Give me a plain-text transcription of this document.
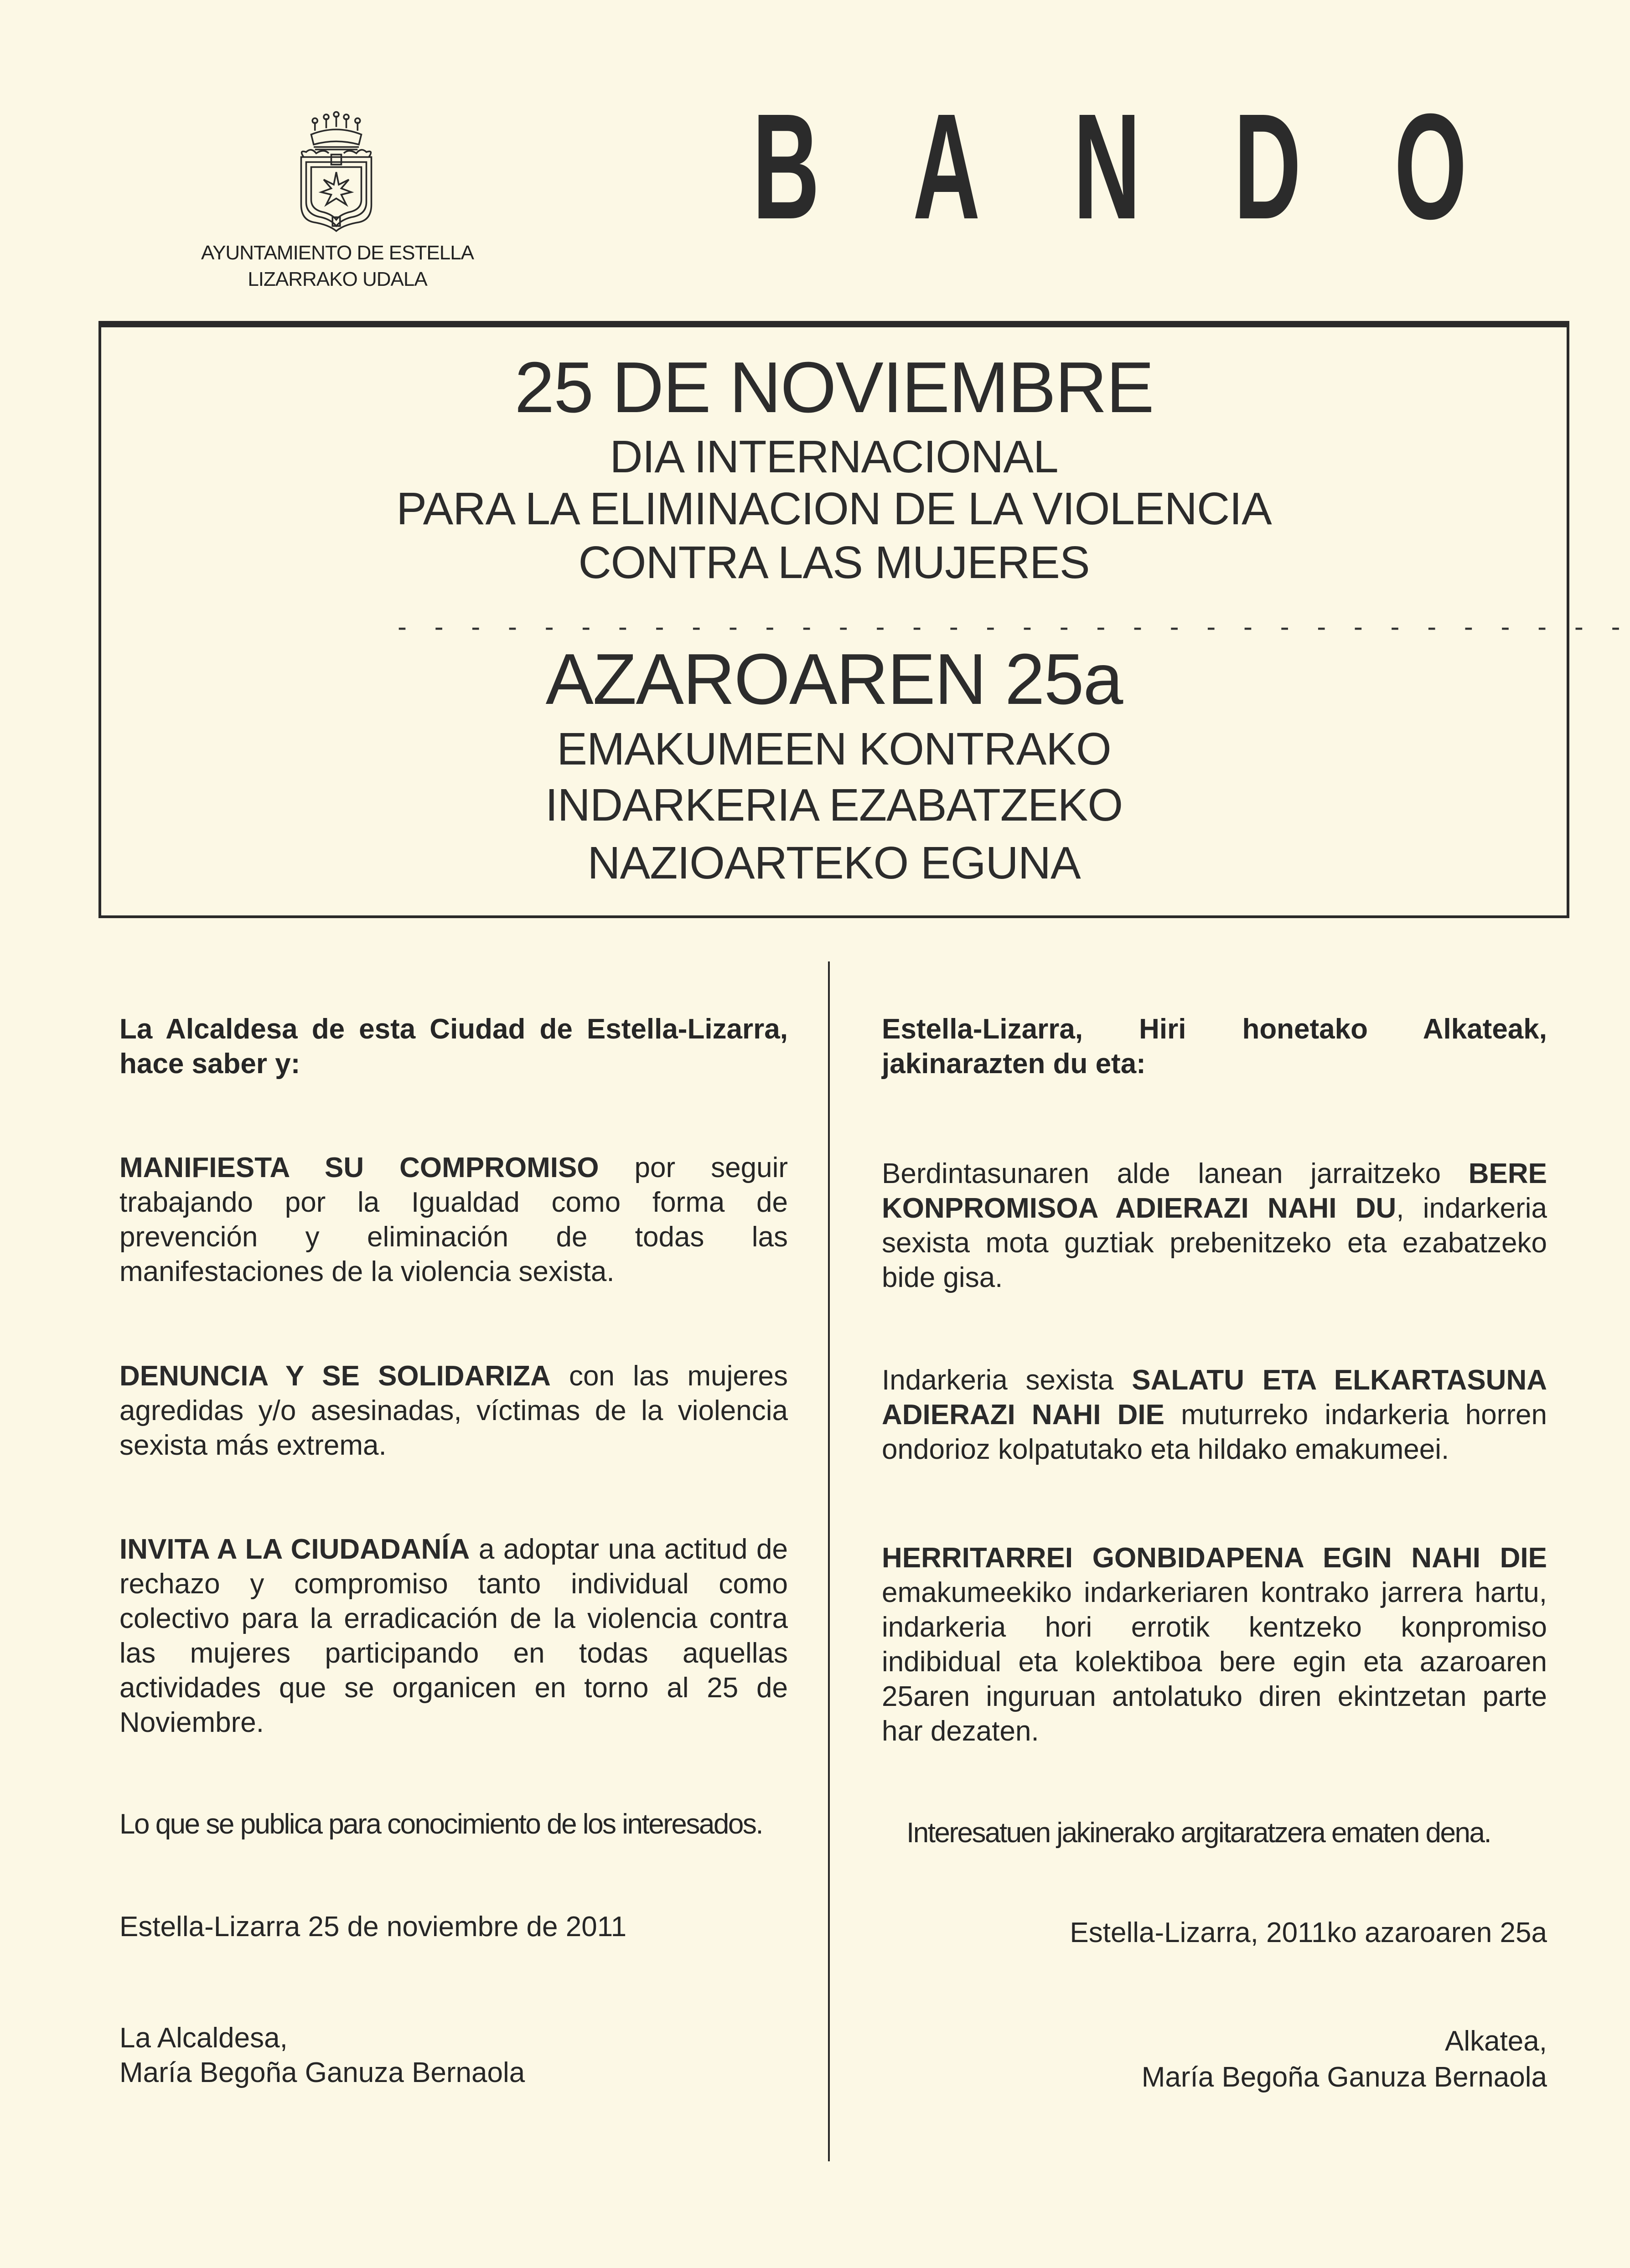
AYUNTAMIENTO DE ESTELLA
LIZARRAKO UDALA
B A N D O
25 DE NOVIEMBRE
DIA INTERNACIONAL
PARA LA ELIMINACION DE LA VIOLENCIA
CONTRA LAS MUJERES
- - - - - - - - - - - - - - - - - - - - - - - - - - - - - - - - - -
AZAROAREN 25a
EMAKUMEEN KONTRAKO
INDARKERIA EZABATZEKO
NAZIOARTEKO EGUNA
La Alcaldesa de esta Ciudad de Estella-Lizarra, hace saber y:
MANIFIESTA SU COMPROMISO por seguir trabajando por la Igualdad como forma de prevención y eliminación de todas las manifestaciones de la violencia sexista.
DENUNCIA Y SE SOLIDARIZA con las mujeres agredidas y/o asesinadas, víctimas de la violencia sexista más extrema.
INVITA A LA CIUDADANÍA a adoptar una actitud de rechazo y compromiso tanto individual como colectivo para la erradicación de la violencia contra las mujeres participando en todas aquellas actividades que se organicen en torno al 25 de Noviembre.
Lo que se publica para conocimiento de los interesados.
Estella-Lizarra 25 de noviembre de 2011
La Alcaldesa,
María Begoña Ganuza Bernaola
Estella-Lizarra, Hiri honetako Alkateak, jakinarazten du eta:
Berdintasunaren alde lanean jarraitzeko BERE KONPROMISOA ADIERAZI NAHI DU, indarkeria sexista mota guztiak prebenitzeko eta ezabatzeko bide gisa.
Indarkeria sexista SALATU ETA ELKARTASUNA ADIERAZI NAHI DIE muturreko indarkeria horren ondorioz kolpatutako eta hildako emakumeei.
HERRITARREI GONBIDAPENA EGIN NAHI DIE emakumeekiko indarkeriaren kontrako jarrera hartu, indarkeria hori errotik kentzeko konpromiso indibidual eta kolektiboa bere egin eta azaroaren 25aren inguruan antolatuko diren ekintzetan parte har dezaten.
Interesatuen jakinerako argitaratzera ematen dena.
Estella-Lizarra, 2011ko azaroaren 25a
Alkatea,
María Begoña Ganuza Bernaola
